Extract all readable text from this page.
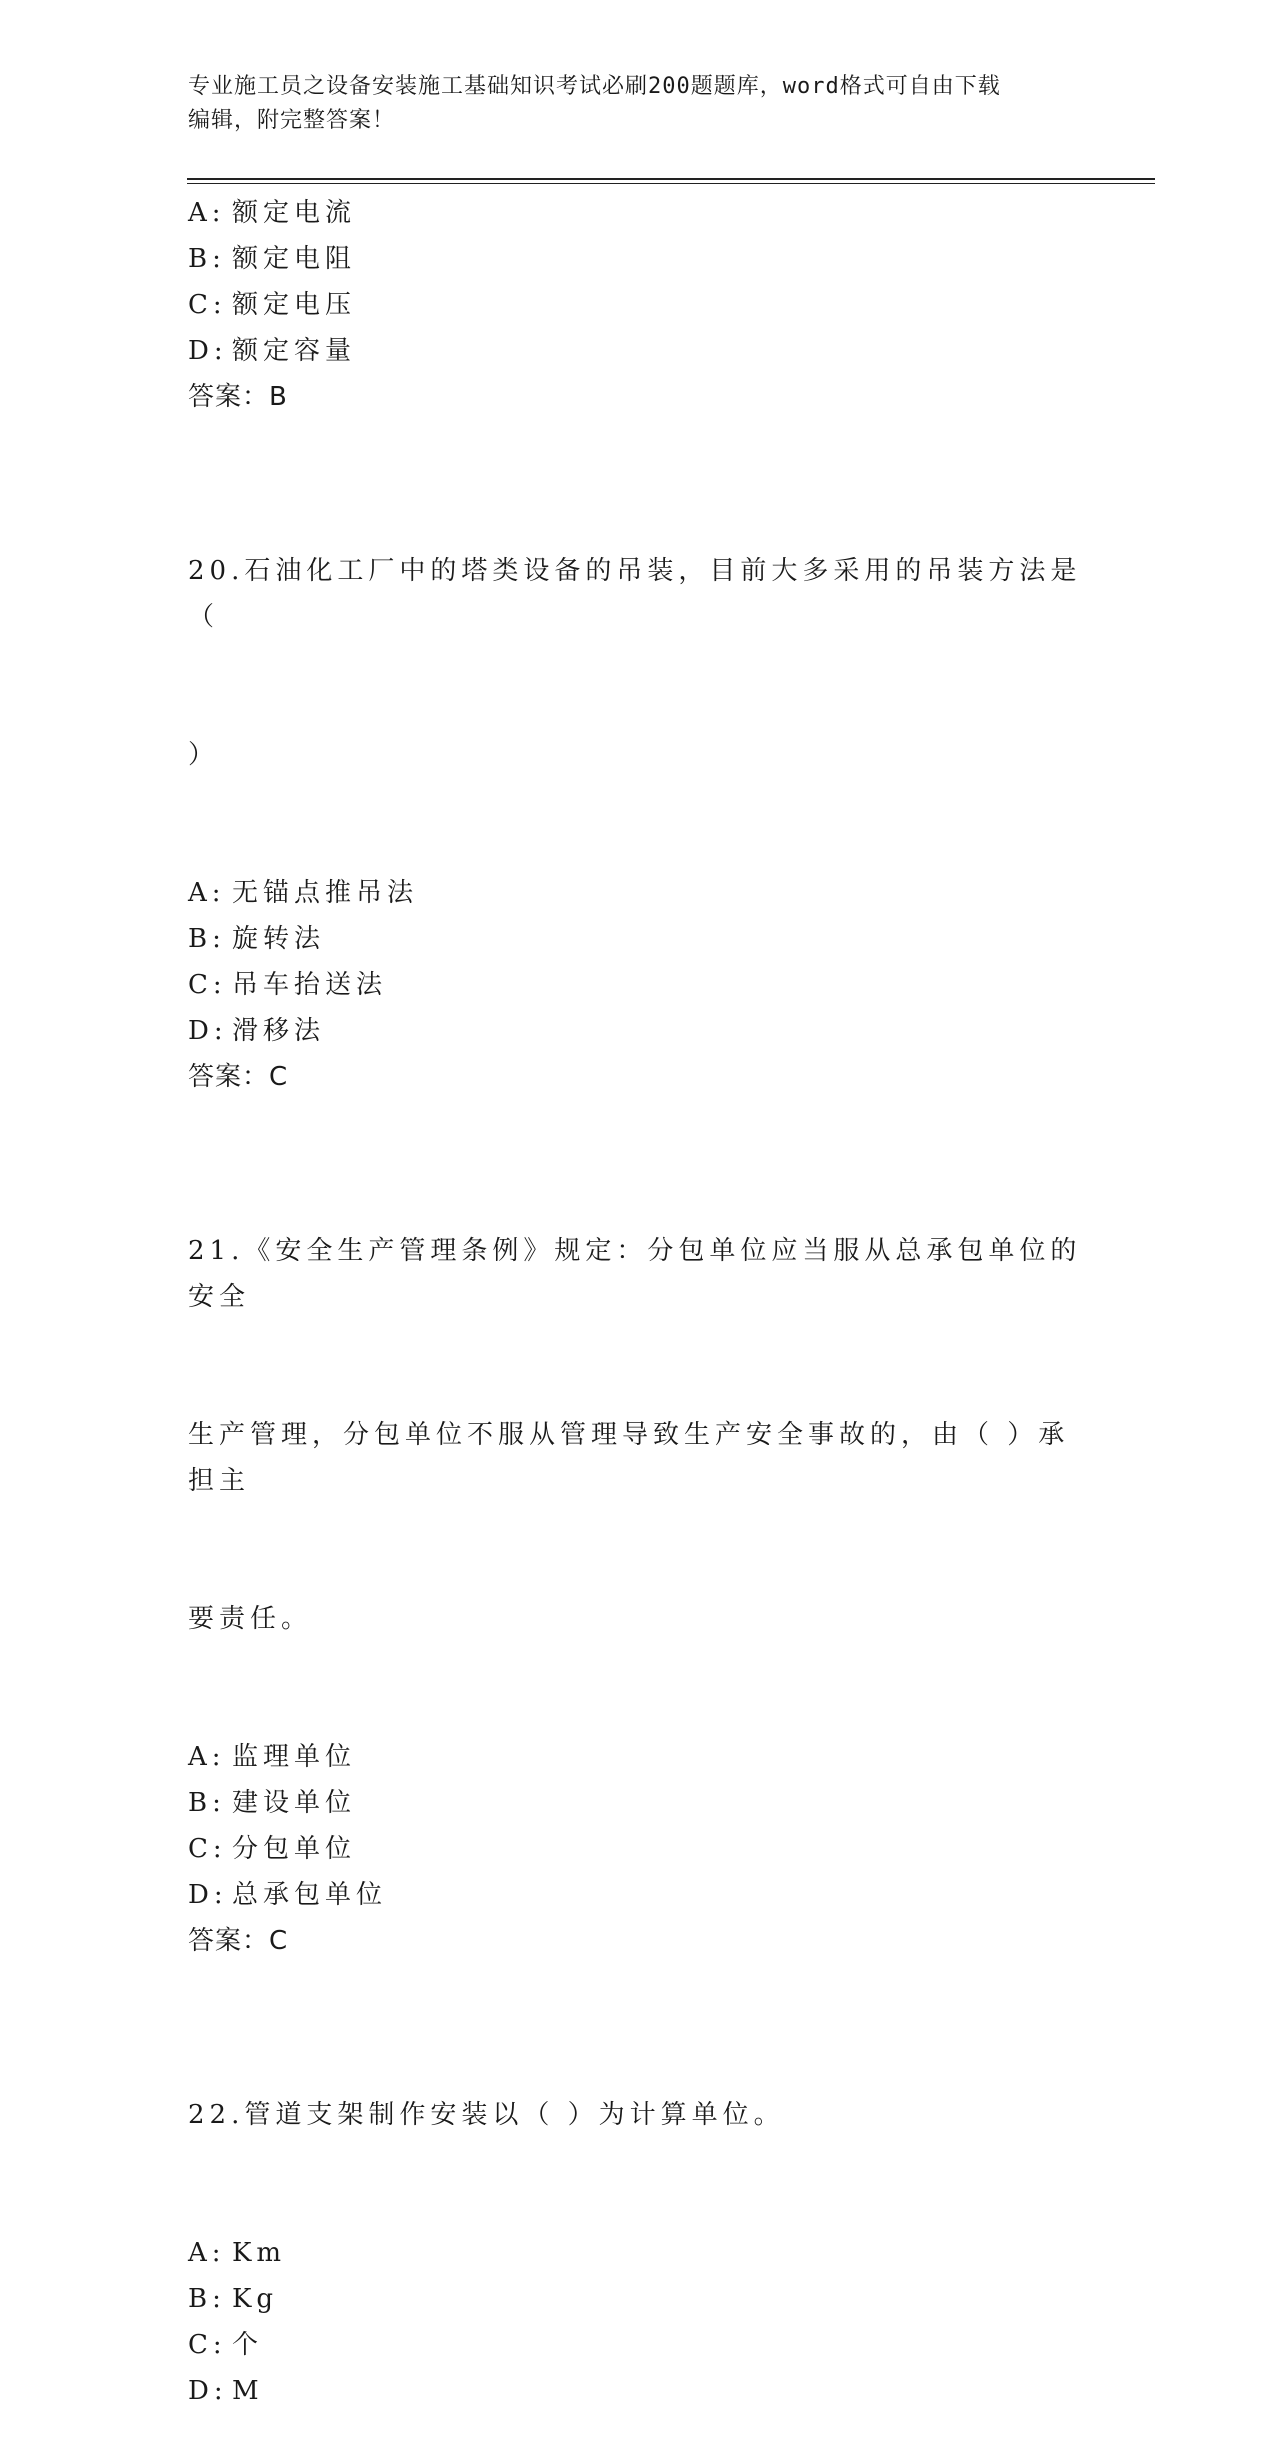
专业施工员之设备安装施工基础知识考试必刷200题题库，word格式可自由下载
编辑，附完整答案！
A: 额定电流
B: 额定电阻
C: 额定电压
D: 额定容量
答案：B

20.石油化工厂中的塔类设备的吊装，目前大多采用的吊装方法是（

）

A: 无锚点推吊法
B: 旋转法
C: 吊车抬送法
D: 滑移法
答案：C

21.《安全生产管理条例》规定：分包单位应当服从总承包单位的安全

生产管理，分包单位不服从管理导致生产安全事故的，由（ ）承担主

要责任。

A: 监理单位
B: 建设单位
C: 分包单位
D: 总承包单位
答案：C

22.管道支架制作安装以（ ）为计算单位。

A: Km
B: Kg
C: 个
D: M
